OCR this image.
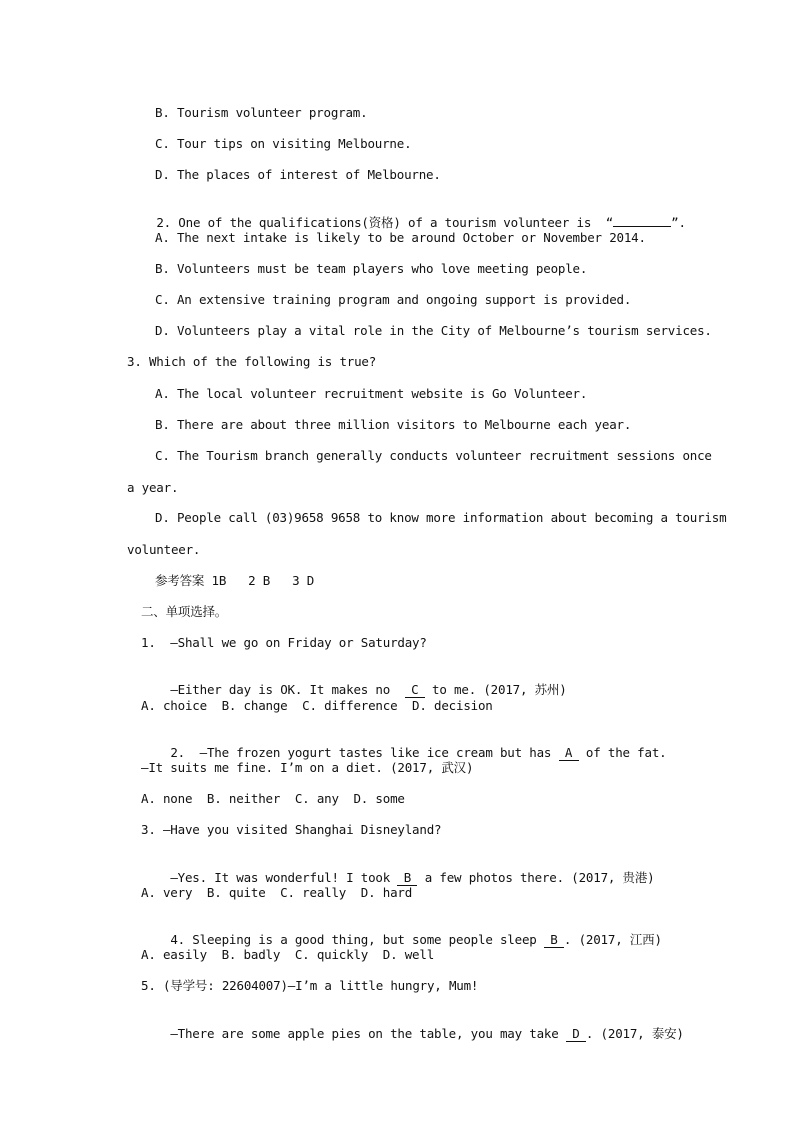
B. Tourism volunteer program.
C. Tour tips on visiting Melbourne.
D. The places of interest of Melbourne.

2. One of the qualifications(资格) of a tourism volunteer is  “	”.

A. The next intake is likely to be around October or November 2014.
B. Volunteers must be team players who love meeting people.
C. An extensive training program and ongoing support is provided.
D. Volunteers play a vital role in the City of Melbourne’s tourism services.
3. Which of the following is true?
A. The local volunteer recruitment website is Go Volunteer.
B. There are about three million visitors to Melbourne each year.
C. The Tourism branch generally conducts volunteer recruitment sessions once
a year.
D. People call (03)9658 9658 to know more information about becoming a tourism
volunteer.
参考答案 1B   2 B   3 D
二、单项选择。
1.  —Shall we go on Friday or Saturday?

—Either day is OK. It makes no  C to me. (2017, 苏州)

A. choice  B. change  C. difference  D. decision

2.  —The frozen yogurt tastes like ice cream but has A of the fat.

—It suits me fine. I’m on a diet. (2017, 武汉)
A. none  B. neither  C. any  D. some
3. —Have you visited Shanghai Disneyland?

—Yes. It was wonderful! I took B a few photos there. (2017, 贵港)

A. very  B. quite  C. really  D. hard

4. Sleeping is a good thing, but some people sleep B . (2017, 江西)

A. easily  B. badly  C. quickly  D. well
5. (导学号: 22604007)—I’m a little hungry, Mum!

—There are some apple pies on the table, you may take D . (2017, 泰安)
